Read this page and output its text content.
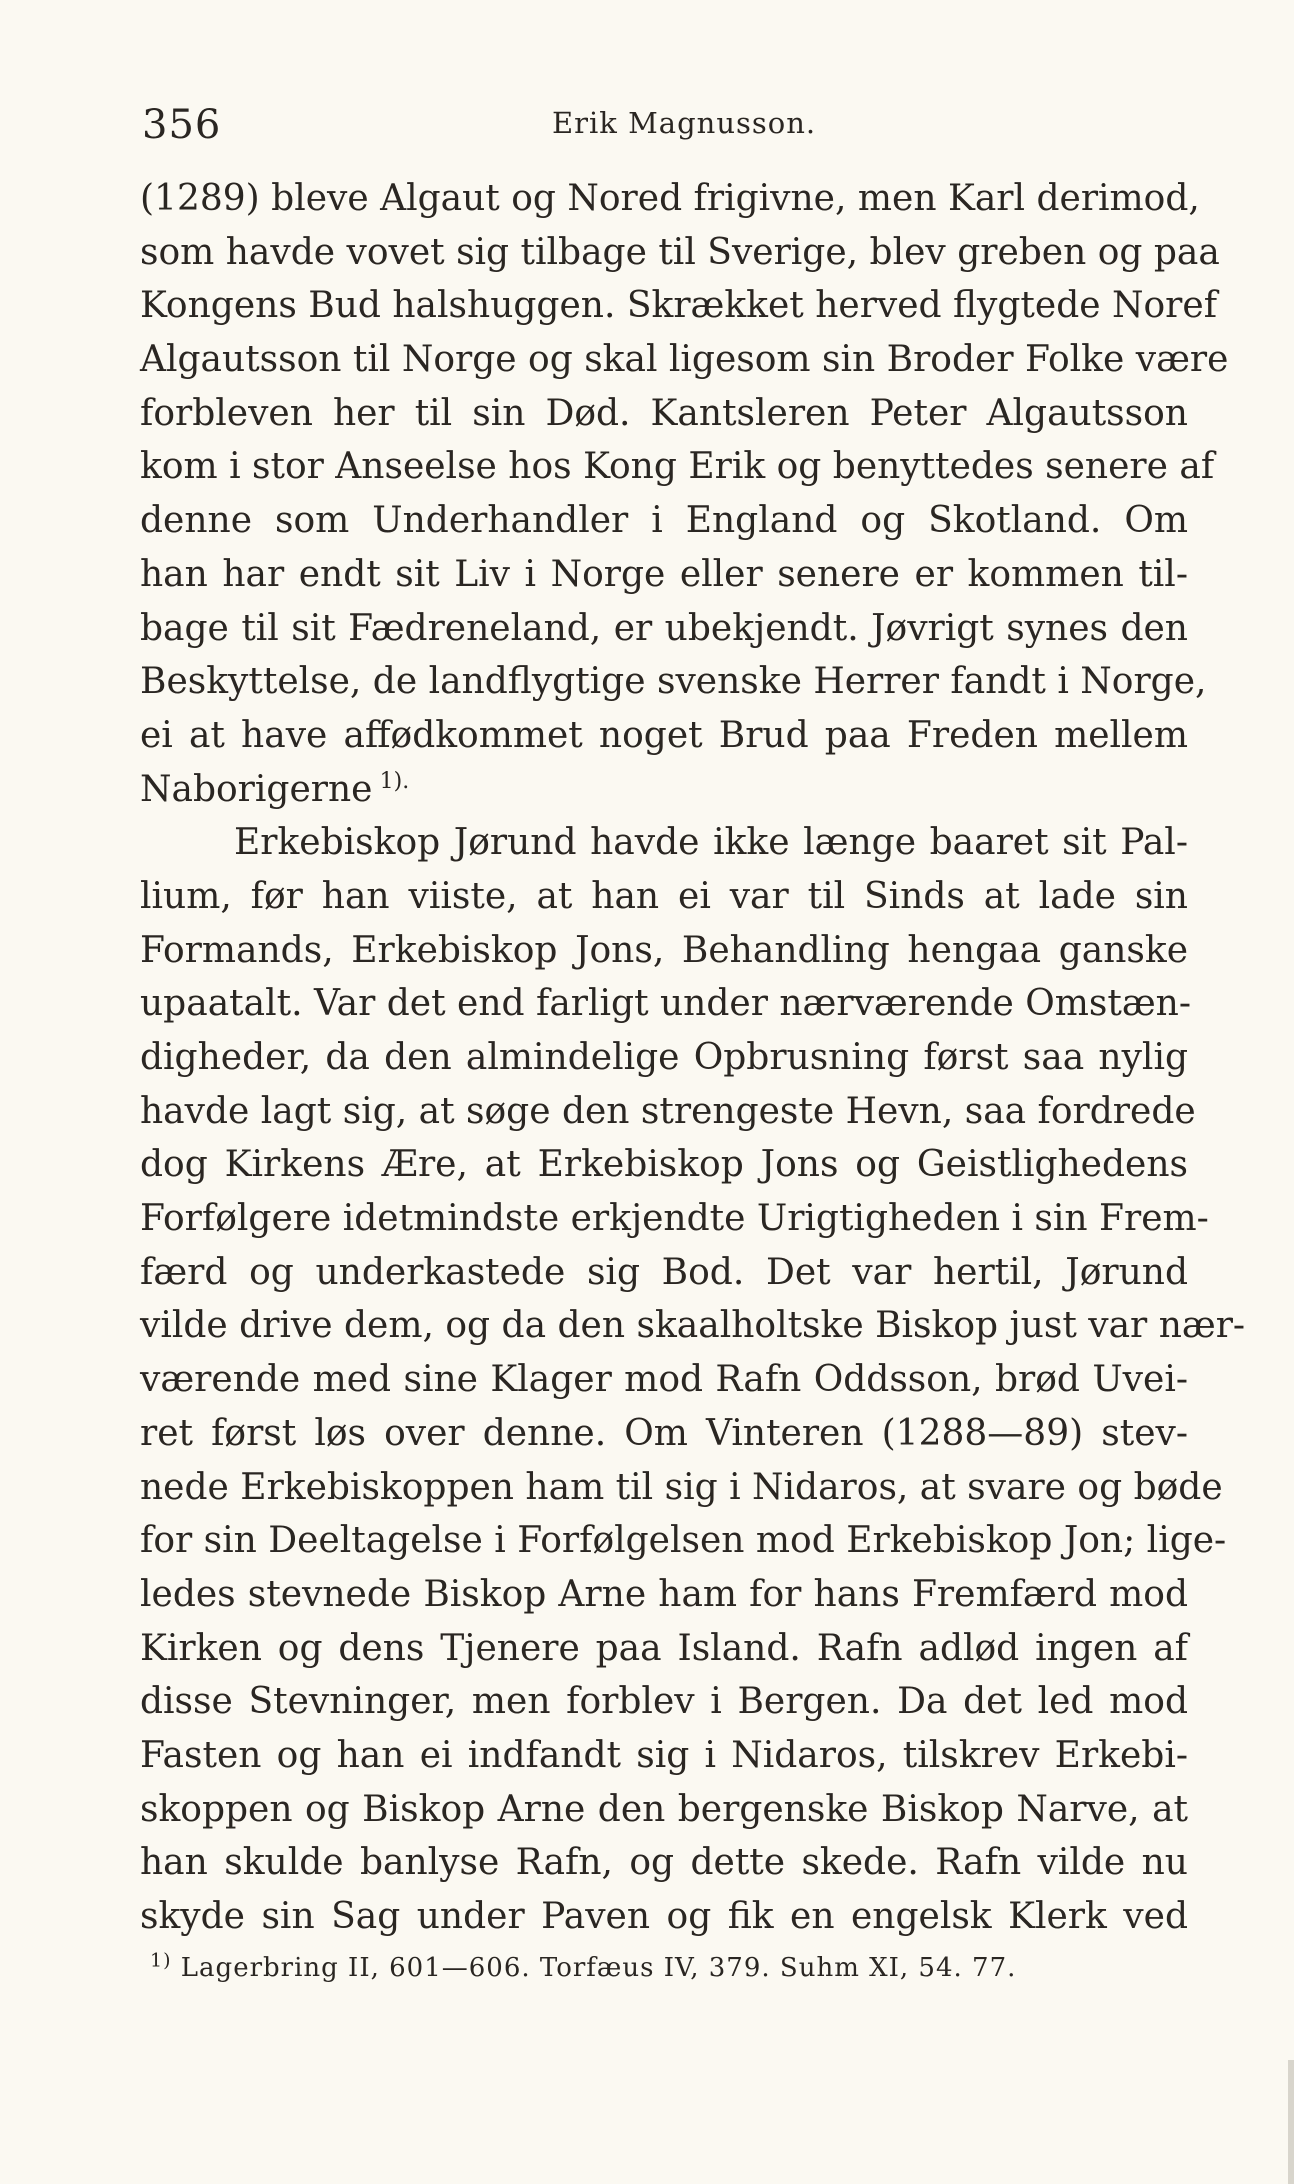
356	Erik Magnusson.
(1289) bleve Algaut og Nored frigivne, men Karl derimod,
som havde vovet sig tilbage til Sverige, blev greben og paa
Kongens Bud halshuggen. Skrækket herved flygtede Noref
Algautsson til Norge og skal ligesom sin Broder Folke være
forbleven her til sin Død. Kantsleren Peter Algautsson
kom i stor Anseelse hos Kong Erik og benyttedes senere af
denne som Underhandler i England og Skotland. Om
han har endt sit Liv i Norge eller senere er kommen til-
bage til sit Fædreneland, er ubekjendt. Jøvrigt synes den
Beskyttelse, de landflygtige svenske Herrer fandt i Norge,
ei at have affødkommet noget Brud paa Freden mellem
Naborigerne  $^{1).}$
Erkebiskop Jørund havde ikke længe baaret sit Pal-
lium, før han viiste, at han ei var til Sinds at lade sin
Formands, Erkebiskop Jons, Behandling hengaa ganske
upaatalt. Var det end farligt under nærværende Omstæn-
digheder, da den almindelige Opbrusning først saa nylig
havde lagt sig, at søge den strengeste Hevn, saa fordrede
dog Kirkens Ære, at Erkebiskop Jons og Geistlighedens
Forfølgere idetmindste erkjendte Urigtigheden i sin Frem-
færd og underkastede sig Bod. Det var hertil, Jørund
vilde drive dem, og da den skaalholtske Biskop just var nær-
værende med sine Klager mod Rafn Oddsson, brød Uvei-
ret først løs over denne. Om Vinteren (1288—89) stev-
nede Erkebiskoppen ham til sig i Nidaros, at svare og bøde
for sin Deeltagelse i Forfølgelsen mod Erkebiskop Jon; lige-
ledes stevnede Biskop Arne ham for hans Fremfærd mod
Kirken og dens Tjenere paa Island. Rafn adlød ingen af
disse Stevninger, men forblev i Bergen. Da det led mod
Fasten og han ei indfandt sig i Nidaros, tilskrev Erkebi-
skoppen og Biskop Arne den bergenske Biskop Narve, at
han skulde banlyse Rafn, og dette skede. Rafn vilde nu
skyde sin Sag under Paven og fik en engelsk Klerk ved
$^{1)}$ Lagerbring II, 601—606. Torfæus IV, 379. Suhm XI, 54. 77.
